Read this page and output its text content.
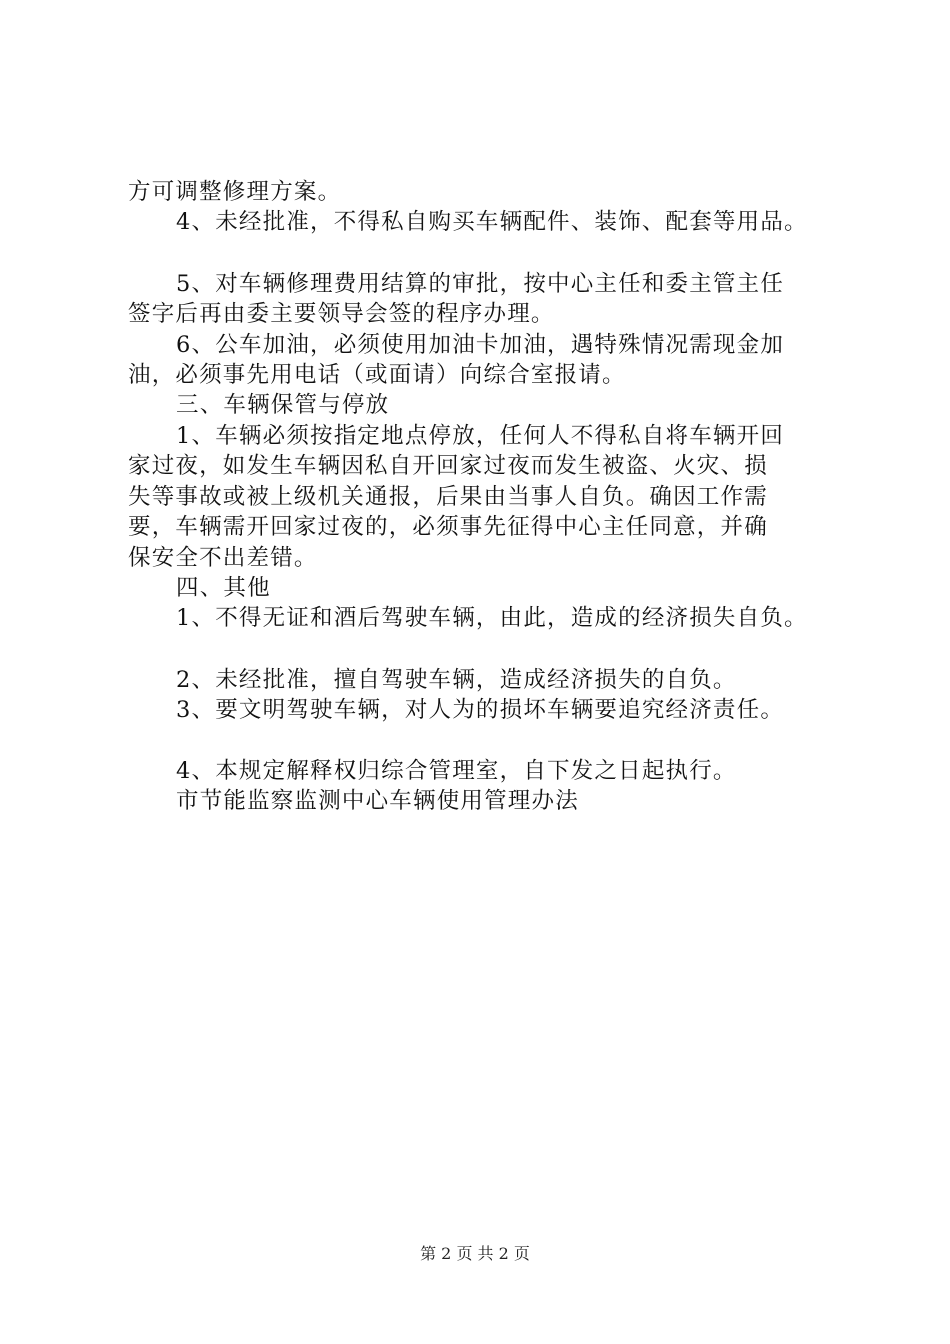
方可调整修理方案。
4、未经批准，不得私自购买车辆配件、装饰、配套等用品。
5、对车辆修理费用结算的审批，按中心主任和委主管主任
签字后再由委主要领导会签的程序办理。
6、公车加油，必须使用加油卡加油，遇特殊情况需现金加
油，必须事先用电话（或面请）向综合室报请。
三、车辆保管与停放
1、车辆必须按指定地点停放，任何人不得私自将车辆开回
家过夜，如发生车辆因私自开回家过夜而发生被盗、火灾、损
失等事故或被上级机关通报，后果由当事人自负。确因工作需
要，车辆需开回家过夜的，必须事先征得中心主任同意，并确
保安全不出差错。
四、其他
1、不得无证和酒后驾驶车辆，由此，造成的经济损失自负。
2、未经批准，擅自驾驶车辆，造成经济损失的自负。
3、要文明驾驶车辆，对人为的损坏车辆要追究经济责任。
4、本规定解释权归综合管理室，自下发之日起执行。
市节能监察监测中心车辆使用管理办法
第 2 页 共 2 页
